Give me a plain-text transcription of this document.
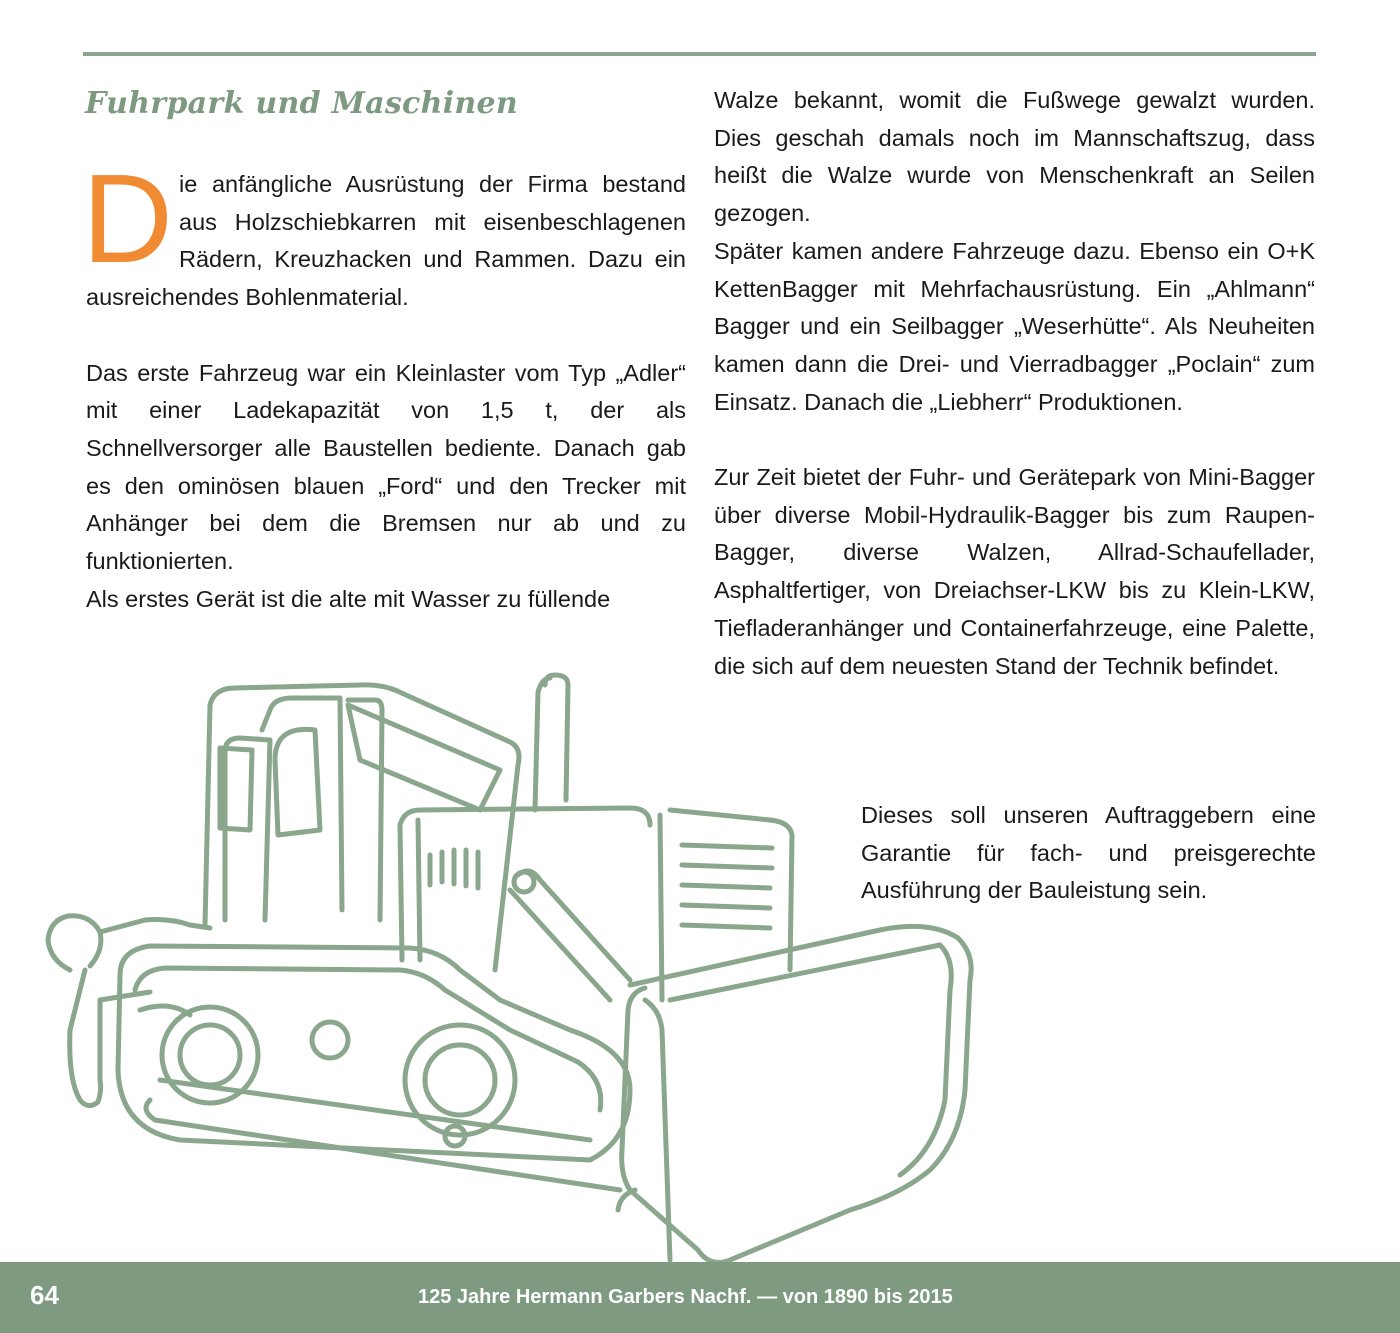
Fuhrpark und Maschinen

Die anfängliche Ausrüstung der Firma bestand aus Holzschiebkarren mit eisenbeschlagenen Rädern, Kreuzhacken und Rammen. Dazu ein ausreichendes Bohlenmaterial.

Das erste Fahrzeug war ein Kleinlaster vom Typ „Adler“ mit einer Ladekapazität von 1,5 t, der als Schnellversorger alle Baustellen bediente. Danach gab es den ominösen blauen „Ford“ und den Trecker mit Anhänger bei dem die Bremsen nur ab und zu funktionierten.

Als erstes Gerät ist die alte mit Wasser zu füllende

Walze bekannt, womit die Fußwege gewalzt wurden. Dies geschah damals noch im Mannschaftszug, dass heißt die Walze wurde von Menschenkraft an Seilen gezogen.

Später kamen andere Fahrzeuge dazu. Ebenso ein O+K KettenBagger mit Mehrfachausrüstung. Ein „Ahlmann“ Bagger und ein Seilbagger „Weserhütte“. Als Neuheiten kamen dann die Drei- und Vierradbagger „Poclain“ zum Einsatz. Danach die „Liebherr“ Produktionen.

Zur Zeit bietet der Fuhr- und Gerätepark von Mini-Bagger über diverse Mobil-Hydraulik-Bagger bis zum Raupen-Bagger, diverse Walzen, Allrad-Schaufellader, Asphaltfertiger, von Dreiachser-LKW bis zu Klein-LKW, Tiefladeranhänger und Containerfahrzeuge, eine Palette, die sich auf dem neuesten Stand der Technik befindet.

Dieses soll unseren Auftraggebern eine Garantie für fach- und preisgerechte Ausführung der Bauleistung sein.

64	125 Jahre Hermann Garbers Nachf. — von 1890 bis 2015
